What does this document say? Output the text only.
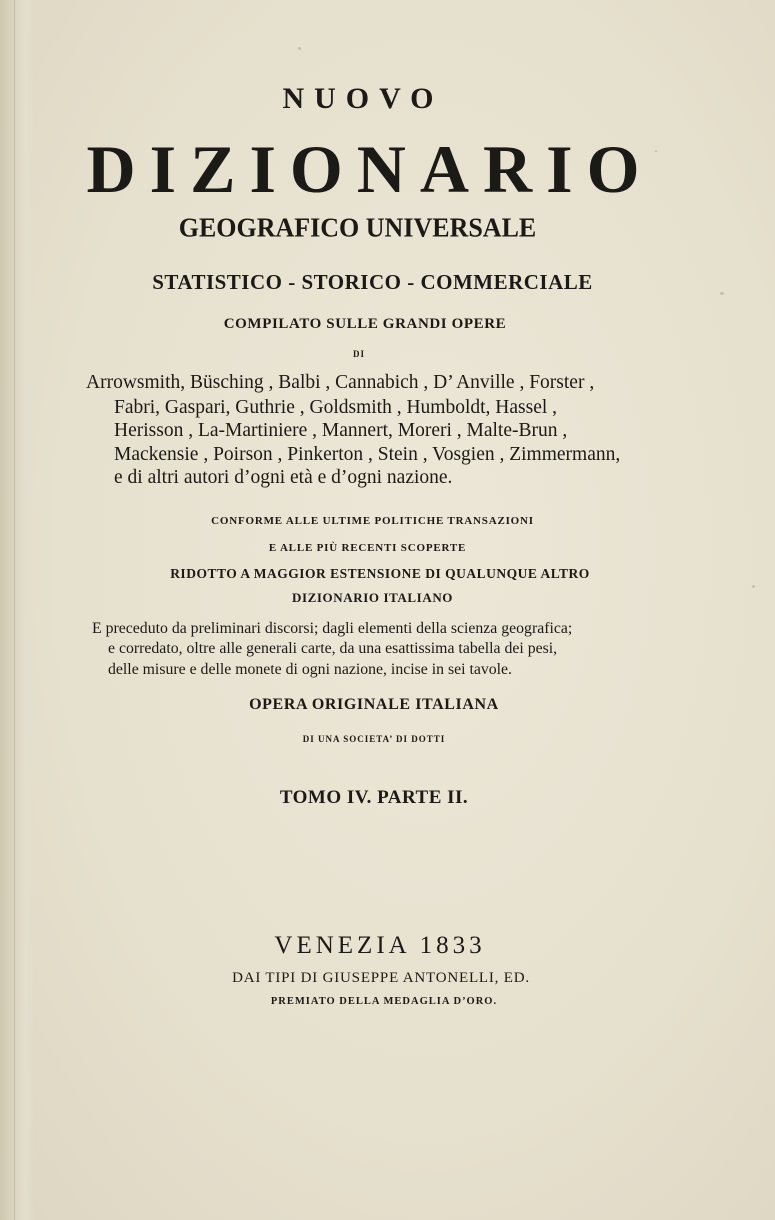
NUOVO
DIZIONARIO
GEOGRAFICO UNIVERSALE
STATISTICO - STORICO - COMMERCIALE
COMPILATO SULLE GRANDI OPERE
DI
Arrowsmith, Büsching , Balbi , Cannabich , D’ Anville , Forster ,
Fabri, Gaspari, Guthrie , Goldsmith , Humboldt, Hassel ,
Herisson , La-Martiniere , Mannert, Moreri , Malte-Brun ,
Mackensie , Poirson , Pinkerton , Stein , Vosgien , Zimmermann,
e di altri autori d’ogni età e d’ogni nazione.
CONFORME ALLE ULTIME POLITICHE TRANSAZIONI
E ALLE PIÙ RECENTI SCOPERTE
RIDOTTO A MAGGIOR ESTENSIONE DI QUALUNQUE ALTRO
DIZIONARIO ITALIANO
E preceduto da preliminari discorsi; dagli elementi della scienza geografica;
e corredato, oltre alle generali carte, da una esattissima tabella dei pesi,
delle misure e delle monete di ogni nazione, incise in sei tavole.
OPERA ORIGINALE ITALIANA
DI UNA SOCIETA’ DI DOTTI
TOMO IV. PARTE II.
VENEZIA 1833
DAI TIPI DI GIUSEPPE ANTONELLI, ED.
PREMIATO DELLA MEDAGLIA D’ORO.
